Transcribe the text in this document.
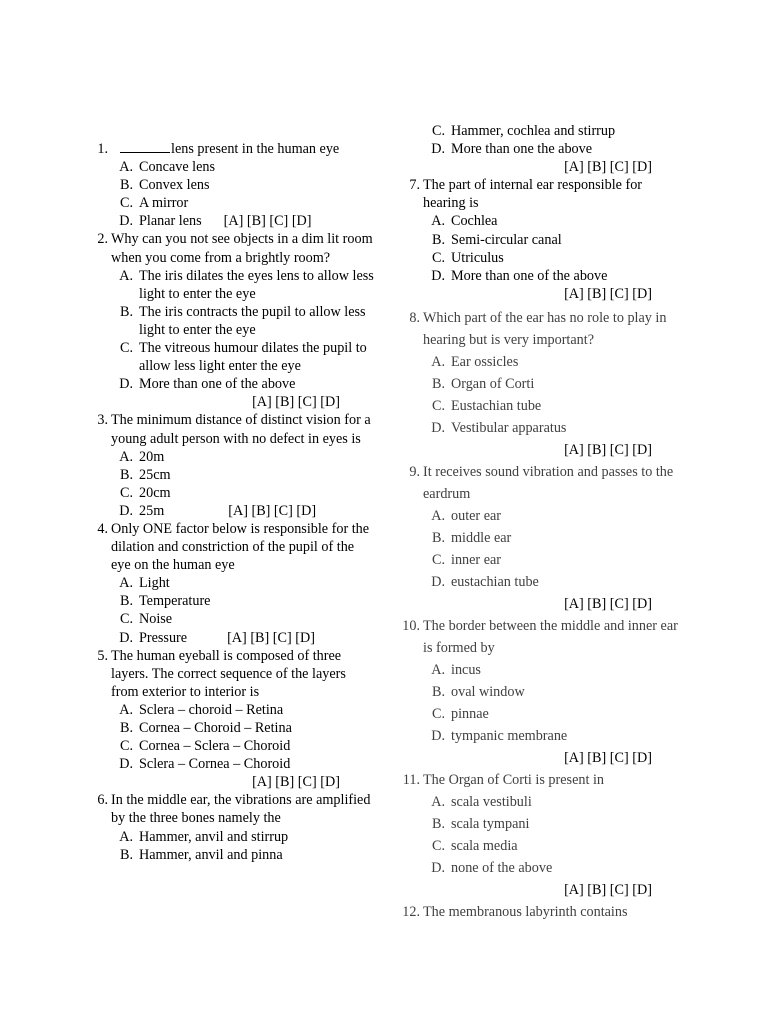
1.	lens present in the human eye
A. Concave lens
B. Convex lens
C. A mirror
D. Planar lens [A] [B] [C] [D]
2. Why can you not see objects in a dim lit room when you come from a brightly room?
A. The iris dilates the eyes lens to allow less light to enter the eye
B. The iris contracts the pupil to allow less light to enter the eye
C. The vitreous humour dilates the pupil to allow less light enter the eye
D. More than one of the above
[A] [B] [C] [D]
3. The minimum distance of distinct vision for a young adult person with no defect in eyes is
A. 20m
B. 25cm
C. 20cm
D. 25m	[A] [B] [C] [D]
4. Only ONE factor below is responsible for the dilation and constriction of the pupil of the eye on the human eye
A. Light
B. Temperature
C. Noise
D. Pressure	[A] [B] [C] [D]
5. The human eyeball is composed of three layers. The correct sequence of the layers from exterior to interior is
A. Sclera – choroid – Retina
B. Cornea – Choroid – Retina
C. Cornea – Sclera – Choroid
D. Sclera – Cornea – Choroid
[A] [B] [C] [D]
6. In the middle ear, the vibrations are amplified by the three bones namely the
A. Hammer, anvil and stirrup
B. Hammer, anvil and pinna
C. Hammer, cochlea and stirrup
D. More than one the above
[A] [B] [C] [D]
7. The part of internal ear responsible for hearing is
A. Cochlea
B. Semi-circular canal
C. Utriculus
D. More than one of the above
[A] [B] [C] [D]
8. Which part of the ear has no role to play in hearing but is very important?
A. Ear ossicles
B. Organ of Corti
C. Eustachian tube
D. Vestibular apparatus
[A] [B] [C] [D]
9. It receives sound vibration and passes to the eardrum
A. outer ear
B. middle ear
C. inner ear
D. eustachian tube
[A] [B] [C] [D]
10. The border between the middle and inner ear is formed by
A. incus
B. oval window
C. pinnae
D. tympanic membrane
[A] [B] [C] [D]
11. The Organ of Corti is present in
A. scala vestibuli
B. scala tympani
C. scala media
D. none of the above
[A] [B] [C] [D]
12. The membranous labyrinth contains
